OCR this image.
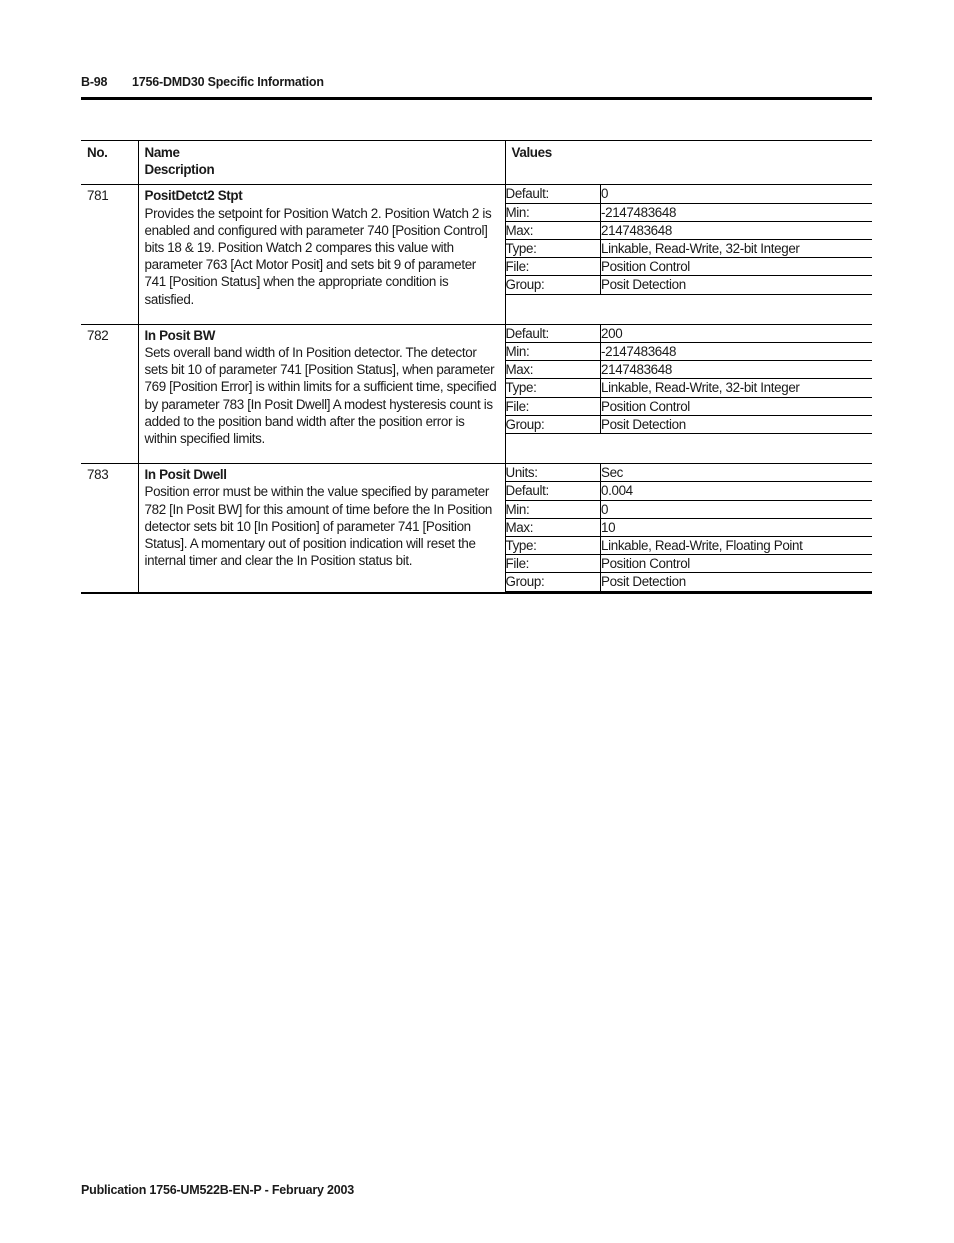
B-98 1756-DMD30 Specific Information
No.	Name
Description
	Values
781	PositDetct2 Stpt
Provides the setpoint for Position Watch 2. Position Watch 2 is enabled and configured with parameter 740 [Position Control] bits 18 & 19. Position Watch 2 compares this value with parameter 763 [Act Motor Posit] and sets bit 9 of parameter 741 [Position Status] when the appropriate condition is satisfied.	
Default:	0
Min:	-2147483648
Max:	2147483648
Type:	Linkable, Read-Write, 32-bit Integer
File:	Position Control
Group:	Posit Detection

782	In Posit BW
Sets overall band width of In Position detector. The detector sets bit 10 of parameter 741 [Position Status], when parameter 769 [Position Error] is within limits for a sufficient time, specified by parameter 783 [In Posit Dwell] A modest hysteresis count is added to the position band width after the position error is within specified limits.	
Default:	200
Min:	-2147483648
Max:	2147483648
Type:	Linkable, Read-Write, 32-bit Integer
File:	Position Control
Group:	Posit Detection

783	In Posit Dwell
Position error must be within the value specified by parameter 782 [In Posit BW] for this amount of time before the In Position detector sets bit 10 [In Position] of parameter 741 [Position Status]. A momentary out of position indication will reset the internal timer and clear the In Position status bit.	
Units:	Sec
Default:	0.004
Min:	0
Max:	10
Type:	Linkable, Read-Write, Floating Point
File:	Position Control
Group:	Posit Detection
Publication 1756-UM522B-EN-P - February 2003
